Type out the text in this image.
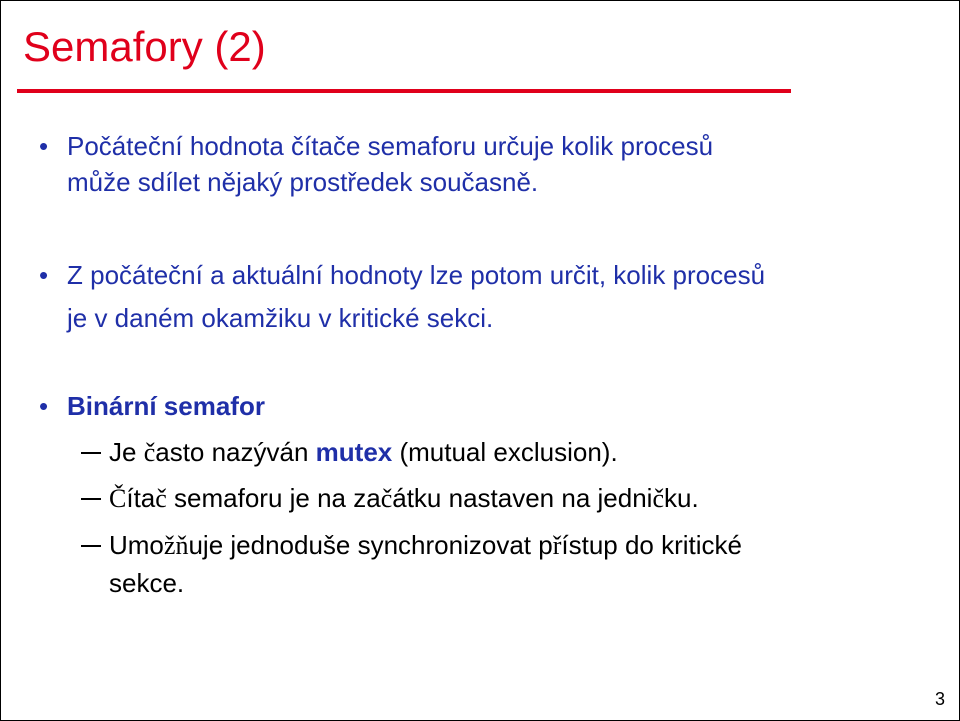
Semafory (2)
• Počáteční hodnota čítače semaforu určuje kolik procesů
může sdílet nějaký prostředek současně.
• Z počáteční a aktuální hodnoty lze potom určit, kolik procesů
je v daném okamžiku v kritické sekci.
• Binární semafor
Je často nazýván mutex (mutual exclusion).
Čítač semaforu je na začátku nastaven na jedničku.
Umožňuje jednoduše synchronizovat přístup do kritické
sekce.
3
